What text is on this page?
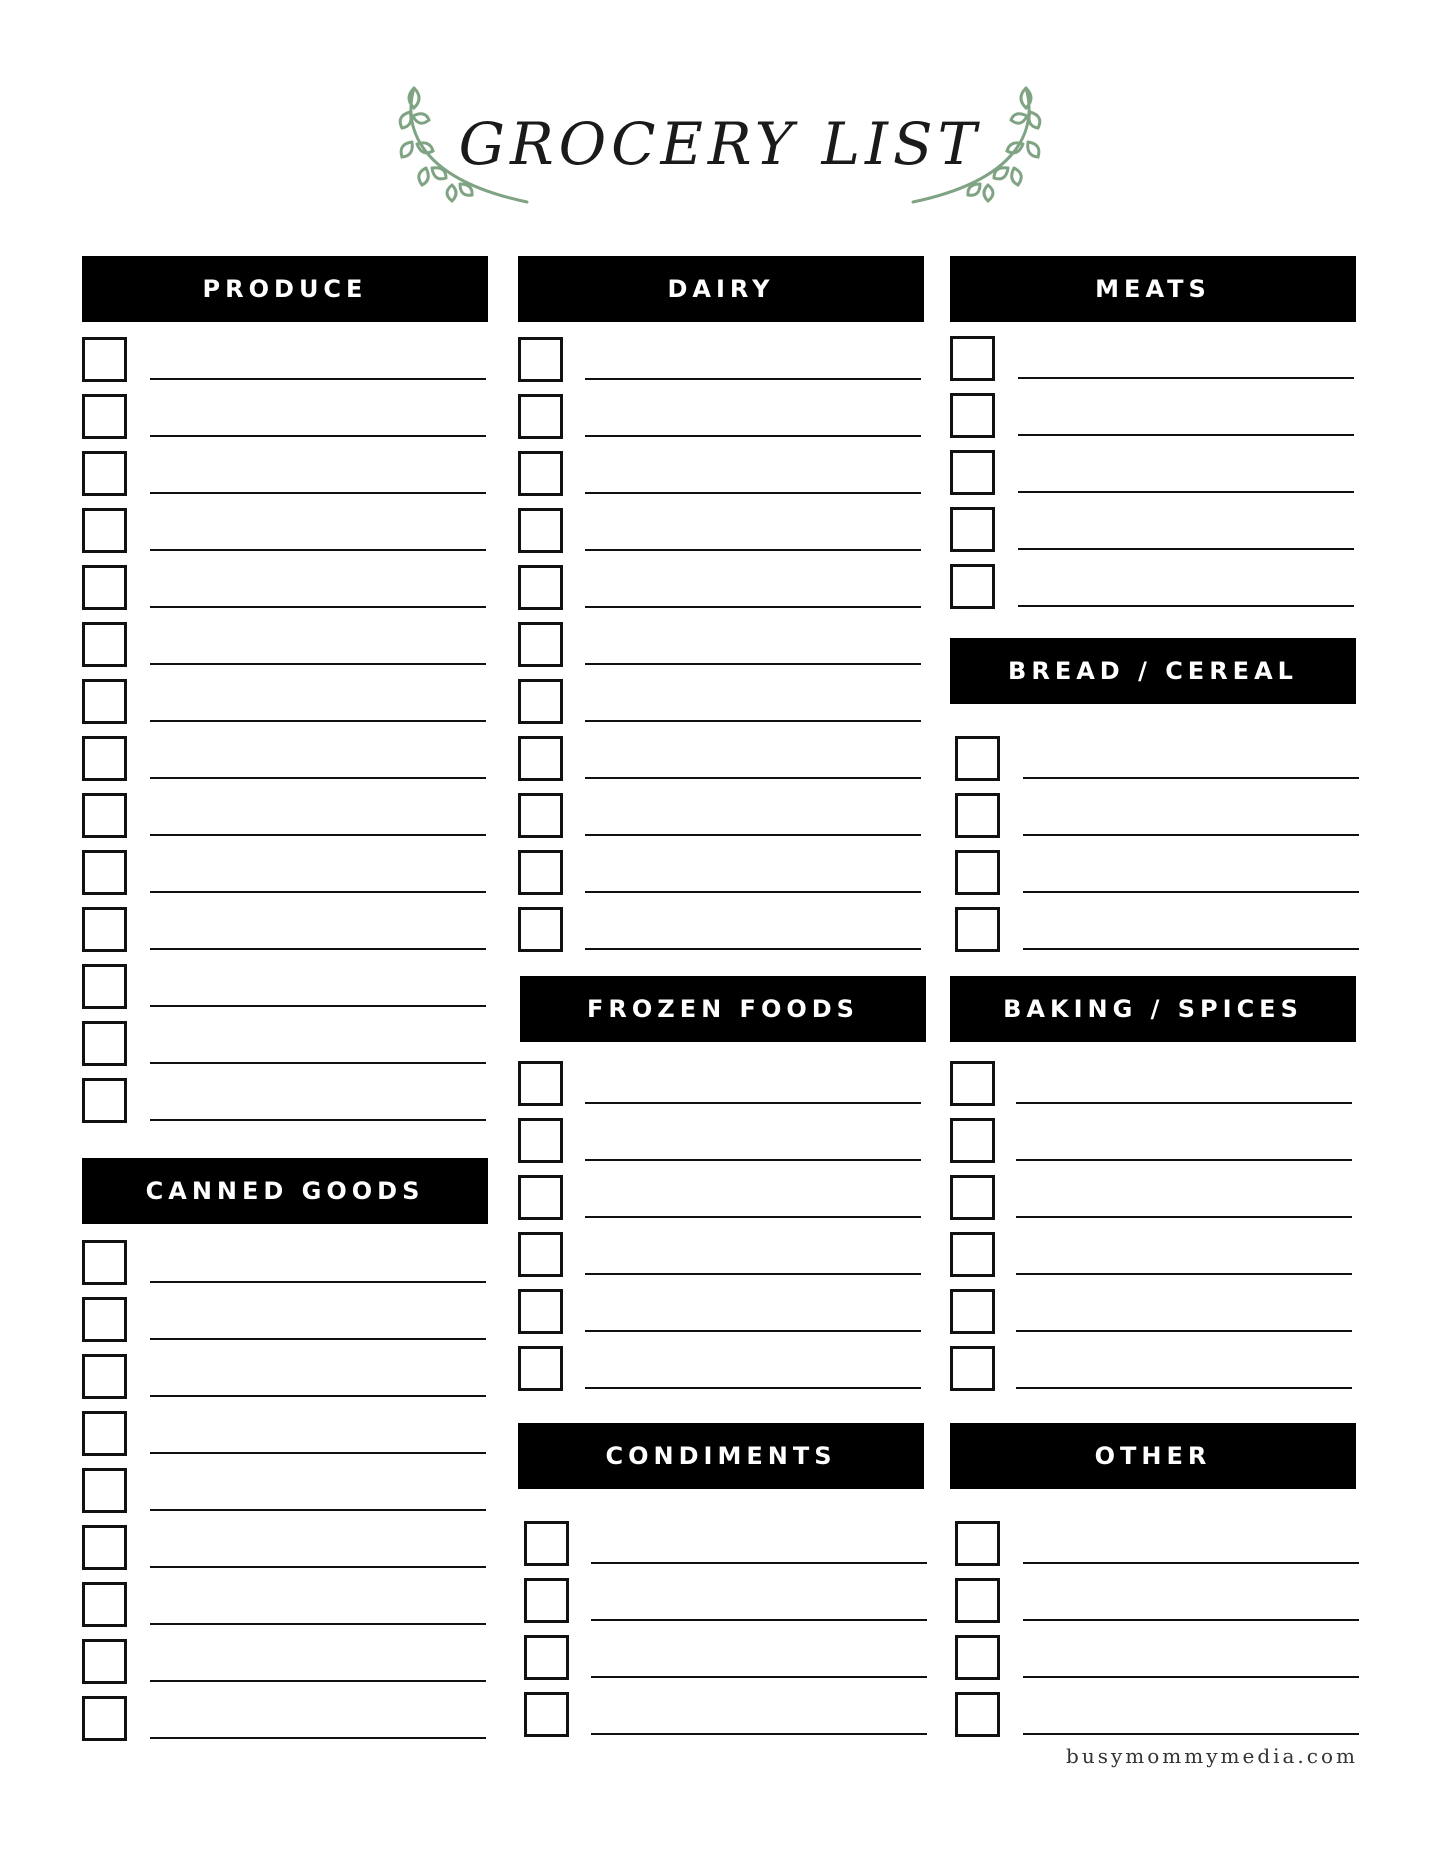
GROCERY LIST
PRODUCE
CANNED GOODS
DAIRY
FROZEN FOODS
CONDIMENTS
MEATS
BREAD / CEREAL
BAKING / SPICES
OTHER
busymommymedia.com
